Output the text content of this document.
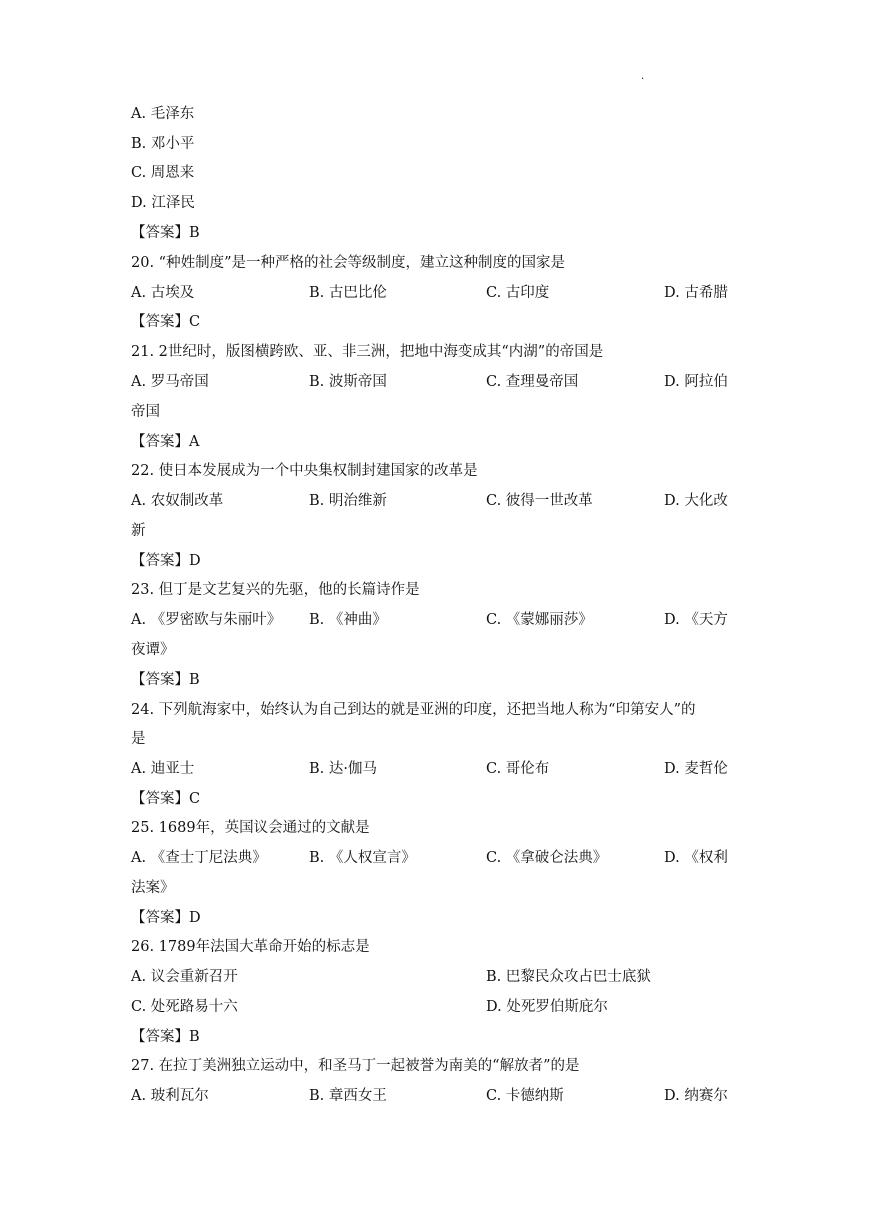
.
A. 毛泽东
B. 邓小平
C. 周恩来
D. 江泽民
【答案】B
20. “种姓制度”是一种严格的社会等级制度，建立这种制度的国家是
A. 古埃及	B. 古巴比伦	C. 古印度	D. 古希腊
【答案】C
21. 2世纪时，版图横跨欧、亚、非三洲，把地中海变成其“内湖”的帝国是
A. 罗马帝国	B. 波斯帝国	C. 查理曼帝国	D. 阿拉伯
帝国
【答案】A
22. 使日本发展成为一个中央集权制封建国家的改革是
A. 农奴制改革	B. 明治维新	C. 彼得一世改革	D. 大化改
新
【答案】D
23. 但丁是文艺复兴的先驱，他的长篇诗作是
A. 《罗密欧与朱丽叶》 B. 《神曲》	C. 《蒙娜丽莎》	D. 《天方
夜谭》
【答案】B
24. 下列航海家中，始终认为自己到达的就是亚洲的印度，还把当地人称为“印第安人”的
是
A. 迪亚士	B. 达·伽马	C. 哥伦布	D. 麦哲伦
【答案】C
25. 1689年，英国议会通过的文献是
A. 《查士丁尼法典》	B. 《人权宣言》	C. 《拿破仑法典》	D. 《权利
法案》
【答案】D
26. 1789年法国大革命开始的标志是
A. 议会重新召开	B. 巴黎民众攻占巴士底狱
C. 处死路易十六	D. 处死罗伯斯庇尔
【答案】B
27. 在拉丁美洲独立运动中，和圣马丁一起被誉为南美的“解放者”的是
A. 玻利瓦尔	B. 章西女王	C. 卡德纳斯	D. 纳赛尔
